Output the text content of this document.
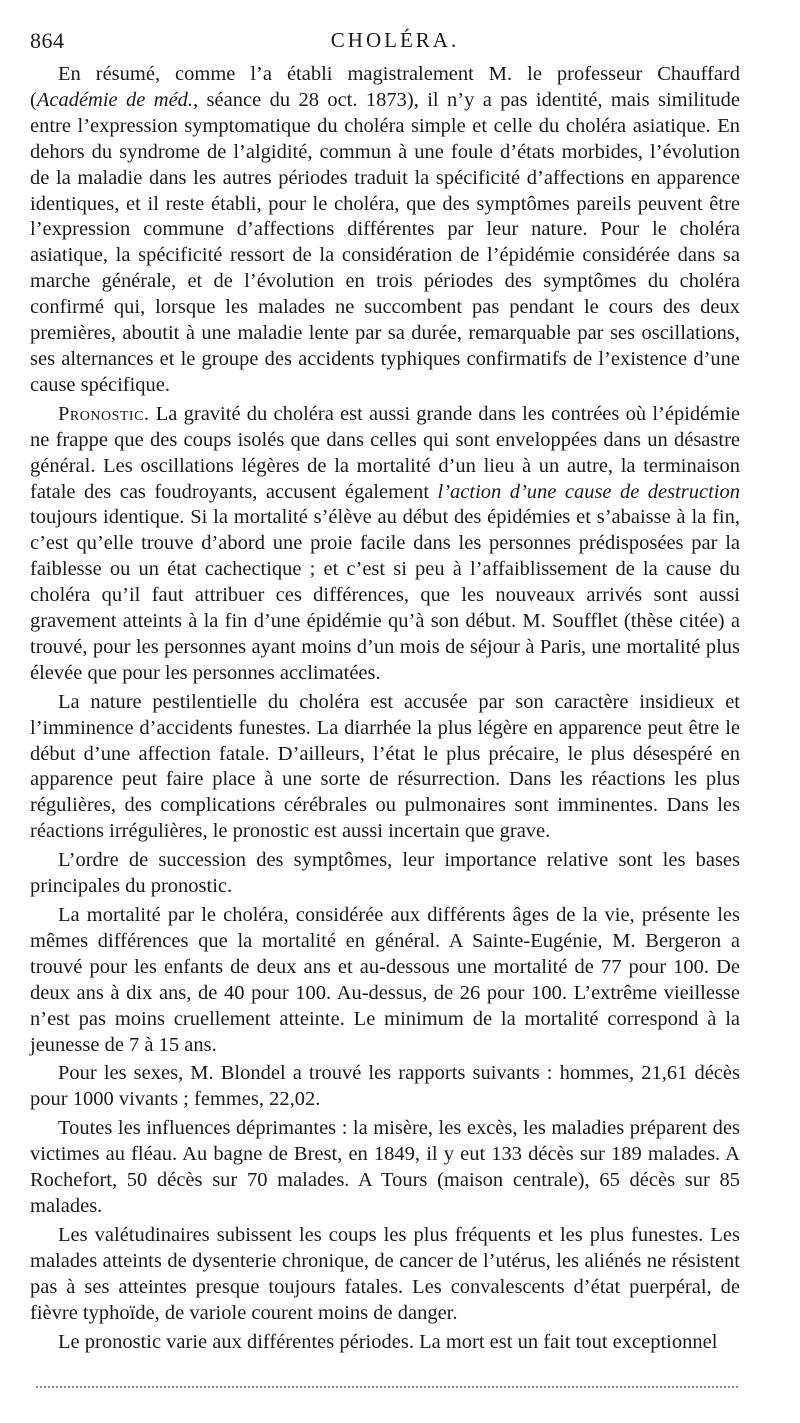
864	CHOLÉRA.

En résumé, comme l’a établi magistralement M. le professeur Chauffard (Académie de méd., séance du 28 oct. 1873), il n’y a pas identité, mais similitude entre l’expression symptomatique du choléra simple et celle du choléra asiatique. En dehors du syndrome de l’algidité, commun à une foule d’états morbides, l’évolution de la maladie dans les autres périodes traduit la spécificité d’affections en apparence identiques, et il reste établi, pour le choléra, que des symptômes pareils peuvent être l’expression commune d’affections différentes par leur nature. Pour le choléra asiatique, la spécificité ressort de la considération de l’épidémie considérée dans sa marche générale, et de l’évolution en trois périodes des symptômes du choléra confirmé qui, lorsque les malades ne succombent pas pendant le cours des deux premières, aboutit à une maladie lente par sa durée, remarquable par ses oscillations, ses alternances et le groupe des accidents typhiques confirmatifs de l’existence d’une cause spécifique.

Pronostic. La gravité du choléra est aussi grande dans les contrées où l’épidémie ne frappe que des coups isolés que dans celles qui sont enveloppées dans un désastre général. Les oscillations légères de la mortalité d’un lieu à un autre, la terminaison fatale des cas foudroyants, accusent également l’action d’une cause de destruction toujours identique. Si la mortalité s’élève au début des épidémies et s’abaisse à la fin, c’est qu’elle trouve d’abord une proie facile dans les personnes prédisposées par la faiblesse ou un état cachectique ; et c’est si peu à l’affaiblissement de la cause du choléra qu’il faut attribuer ces différences, que les nouveaux arrivés sont aussi gravement atteints à la fin d’une épidémie qu’à son début. M. Soufflet (thèse citée) a trouvé, pour les personnes ayant moins d’un mois de séjour à Paris, une mortalité plus élevée que pour les personnes acclimatées.

La nature pestilentielle du choléra est accusée par son caractère insidieux et l’imminence d’accidents funestes. La diarrhée la plus légère en apparence peut être le début d’une affection fatale. D’ailleurs, l’état le plus précaire, le plus désespéré en apparence peut faire place à une sorte de résurrection. Dans les réactions les plus régulières, des complications cérébrales ou pulmonaires sont imminentes. Dans les réactions irrégulières, le pronostic est aussi incertain que grave.

L’ordre de succession des symptômes, leur importance relative sont les bases principales du pronostic.

La mortalité par le choléra, considérée aux différents âges de la vie, présente les mêmes différences que la mortalité en général. A Sainte-Eugénie, M. Bergeron a trouvé pour les enfants de deux ans et au-dessous une mortalité de 77 pour 100. De deux ans à dix ans, de 40 pour 100. Au-dessus, de 26 pour 100. L’extrême vieillesse n’est pas moins cruellement atteinte. Le minimum de la mortalité correspond à la jeunesse de 7 à 15 ans.

Pour les sexes, M. Blondel a trouvé les rapports suivants : hommes, 21,61 décès pour 1000 vivants ; femmes, 22,02.

Toutes les influences déprimantes : la misère, les excès, les maladies préparent des victimes au fléau. Au bagne de Brest, en 1849, il y eut 133 décès sur 189 malades. A Rochefort, 50 décès sur 70 malades. A Tours (maison centrale), 65 décès sur 85 malades.

Les valétudinaires subissent les coups les plus fréquents et les plus funestes. Les malades atteints de dysenterie chronique, de cancer de l’utérus, les aliénés ne résistent pas à ses atteintes presque toujours fatales. Les convalescents d’état puerpéral, de fièvre typhoïde, de variole courent moins de danger.

Le pronostic varie aux différentes périodes. La mort est un fait tout exceptionnel
